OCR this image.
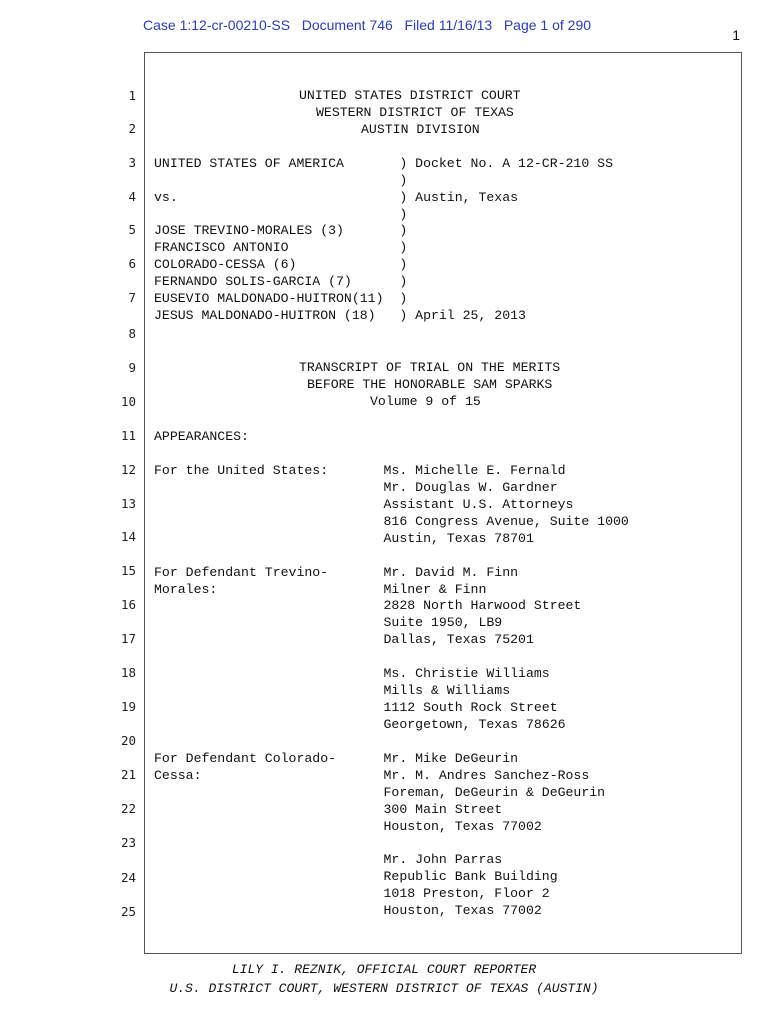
Case 1:12-cr-00210-SS   Document 746   Filed 11/16/13   Page 1 of 290
1
1
2
3
4
5
6
7
8
9
10
11
12
13
14
15
16
17
18
19
20
21
22
23
24
25
UNITED STATES DISTRICT COURT
WESTERN DISTRICT OF TEXAS
AUSTIN DIVISION
UNITED STATES OF AMERICA       ) Docket No. A 12-CR-210 SS
)
vs.                            ) Austin, Texas
)
JOSE TREVINO-MORALES (3)       )
FRANCISCO ANTONIO              )
COLORADO-CESSA (6)             )
FERNANDO SOLIS-GARCIA (7)      )
EUSEVIO MALDONADO-HUITRON(11)  )
JESUS MALDONADO-HUITRON (18)   ) April 25, 2013
TRANSCRIPT OF TRIAL ON THE MERITS
BEFORE THE HONORABLE SAM SPARKS
Volume 9 of 15
APPEARANCES:
For the United States:       Ms. Michelle E. Fernald
Mr. Douglas W. Gardner
Assistant U.S. Attorneys
816 Congress Avenue, Suite 1000
Austin, Texas 78701
For Defendant Trevino-       Mr. David M. Finn
Morales:                     Milner & Finn
2828 North Harwood Street
Suite 1950, LB9
Dallas, Texas 75201
Ms. Christie Williams
Mills & Williams
1112 South Rock Street
Georgetown, Texas 78626
For Defendant Colorado-      Mr. Mike DeGeurin
Cessa:                       Mr. M. Andres Sanchez-Ross
Foreman, DeGeurin & DeGeurin
300 Main Street
Houston, Texas 77002
Mr. John Parras
Republic Bank Building
1018 Preston, Floor 2
Houston, Texas 77002
LILY I. REZNIK, OFFICIAL COURT REPORTER
U.S. DISTRICT COURT, WESTERN DISTRICT OF TEXAS (AUSTIN)
